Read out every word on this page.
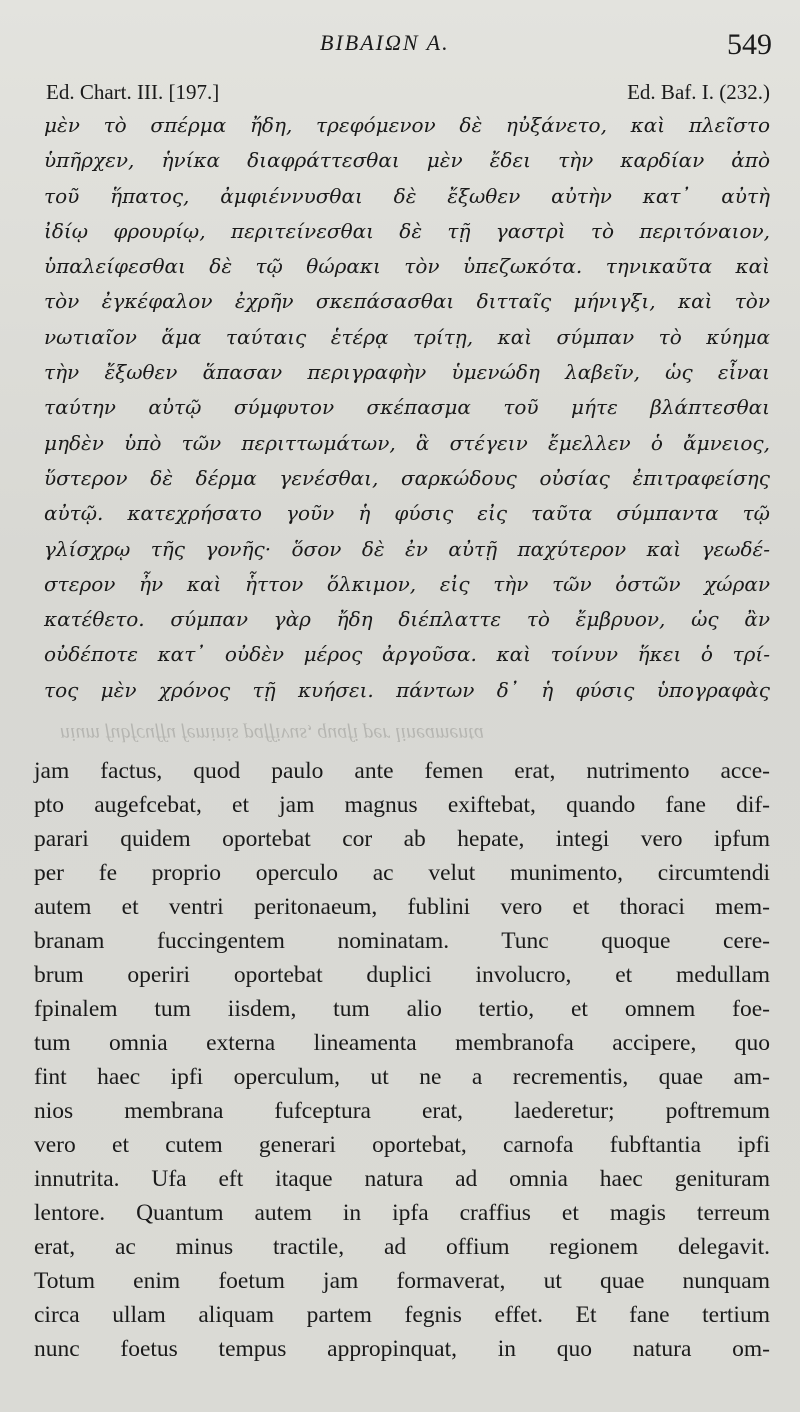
BIBAIΩN A.	549
Ed. Chart. III. [197.]	Ed. Baf. I. (232.)
μὲν τὸ σπέρμα ἤδη, τρεφόμενον δὲ ηὐξάνετο, καὶ πλεῖστο
ὑπῆρχεν, ἡνίκα διαφράττεσθαι μὲν ἔδει τὴν καρδίαν ἀπὸ
τοῦ ἥπατος, ἀμφιέννυσθαι δὲ ἔξωθεν αὐτὴν κατ᾿ αὐτὴ
ἰδίῳ φρουρίῳ, περιτείνεσθαι δὲ τῇ γαστρὶ τὸ περιτόναιον,
ὑπαλείφεσθαι δὲ τῷ θώρακι τὸν ὑπεζωκότα. τηνικαῦτα καὶ
τὸν ἐγκέφαλον ἐχρῆν σκεπάσασθαι διτταῖς μήνιγξι, καὶ τὸν
νωτιαῖον ἅμα ταύταις ἑτέρᾳ τρίτῃ, καὶ σύμπαν τὸ κύημα
τὴν ἔξωθεν ἅπασαν περιγραφὴν ὑμενώδη λαβεῖν, ὡς εἶναι
ταύτην αὐτῷ σύμφυτον σκέπασμα τοῦ μήτε βλάπτεσθαι
μηδὲν ὑπὸ τῶν περιττωμάτων, ἃ στέγειν ἔμελλεν ὁ ἄμνειος,
ὕστερον δὲ δέρμα γενέσθαι, σαρκώδους οὐσίας ἐπιτραφείσης
αὐτῷ. κατεχρήσατο γοῦν ἡ φύσις εἰς ταῦτα σύμπαντα τῷ
γλίσχρῳ τῆς γονῆς· ὅσον δὲ ἐν αὐτῇ παχύτερον καὶ γεωδέ-
στερον ἦν καὶ ἧττον ὅλκιμον, εἰς τὴν τῶν ὀστῶν χώραν
κατέθετο. σύμπαν γὰρ ἤδη διέπλαττε τὸ ἔμβρυον, ὡς ἂν
οὐδέποτε κατ᾿ οὐδὲν μέρος ἀργοῦσα. καὶ τοίνυν ἥκει ὁ τρί-
τος μὲν χρόνος τῇ κυήσει. πάντων δ᾿ ἡ φύσις ὑπογραφὰς
nium fubfcuffu feminis paffivus, quafi per lineamenta
jam factus, quod paulo ante femen erat, nutrimento acce-
pto augefcebat, et jam magnus exiftebat, quando fane dif-
parari quidem oportebat cor ab hepate, integi vero ipfum
per fe proprio operculo ac velut munimento, circumtendi
autem et ventri peritonaeum, fublini vero et thoraci mem-
branam fuccingentem nominatam. Tunc quoque cere-
brum operiri oportebat duplici involucro, et medullam
fpinalem tum iisdem, tum alio tertio, et omnem foe-
tum omnia externa lineamenta membranofa accipere, quo
fint haec ipfi operculum, ut ne a recrementis, quae am-
nios membrana fufceptura erat, laederetur; poftremum
vero et cutem generari oportebat, carnofa fubftantia ipfi
innutrita. Ufa eft itaque natura ad omnia haec genituram
lentore. Quantum autem in ipfa craffius et magis terreum
erat, ac minus tractile, ad offium regionem delegavit.
Totum enim foetum jam formaverat, ut quae nunquam
circa ullam aliquam partem fegnis effet. Et fane tertium
nunc foetus tempus appropinquat, in quo natura om-
